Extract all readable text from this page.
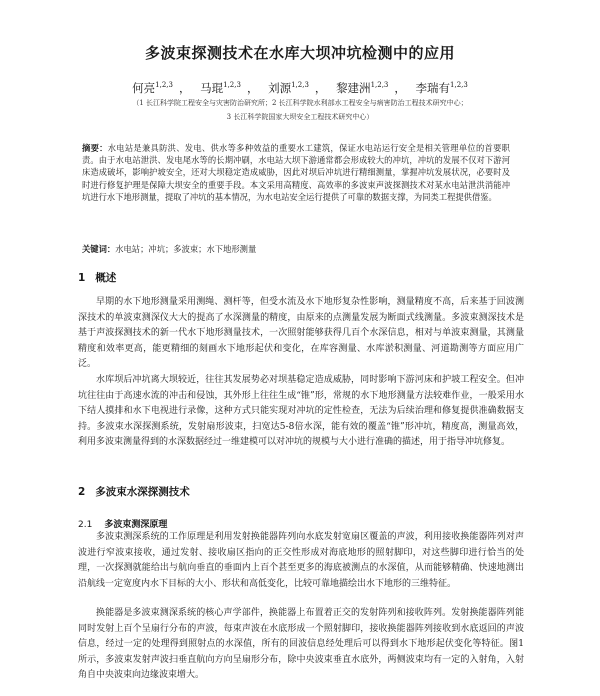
多波束探测技术在水库大坝冲坑检测中的应用
何亮$^{1,2,3}$ ， 马琨$^{1,2,3}$ ， 刘源$^{1,2,3}$ ， 黎建洲$^{1,2,3}$ ， 李瑞有$^{1,2,3}$
（1 长江科学院工程安全与灾害防治研究所；2 长江科学院水利部水工程安全与病害防治工程技术研究中心；
3 长江科学院国家大坝安全工程技术研究中心）
摘要：水电站是兼具防洪、发电、供水等多种效益的重要水工建筑，保证水电站运行安全是相关管理单位的首要职责。由于水电站泄洪、发电尾水等的长期冲刷，水电站大坝下游通常都会形成较大的冲坑，冲坑的发展不仅对下游河床造成破坏，影响护坡安全，还对大坝稳定造成威胁，因此对坝后冲坑进行精细测量，掌握冲坑发展状况，必要时及时进行修复护理是保障大坝安全的重要手段。本文采用高精度、高效率的多波束声波探测技术对某水电站泄洪消能冲坑进行水下地形测量，提取了冲坑的基本情况，为水电站安全运行提供了可靠的数据支撑，为同类工程提供借鉴。
关键词：水电站；冲坑；多波束；水下地形测量
1 概述
早期的水下地形测量采用测绳、测杆等，但受水流及水下地形复杂性影响，测量精度不高，后来基于回波测深技术的单波束测深仪大大的提高了水深测量的精度，由原来的点测量发展为断面式线测量。多波束测深技术是基于声波探测技术的新一代水下地形测量技术，一次照射能够获得几百个水深信息，相对与单波束测量，其测量精度和效率更高，能更精细的刻画水下地形起伏和变化，在库容测量、水库淤积测量、河道勘测等方面应用广泛。
水库坝后冲坑离大坝较近，往往其发展势必对坝基稳定造成威胁，同时影响下游河床和护坡工程安全。但冲坑往往由于高速水流的冲击和侵蚀，其外形上往往生成“锥”形，常规的水下地形测量方法较难作业，一般采用水下结人摸排和水下电视进行录像，这种方式只能实现对冲坑的定性检查，无法为后续治理和修复提供准确数据支持。多波束水深探测系统，发射扇形波束，扫宽达5-8倍水深，能有效的覆盖“锥”形冲坑，精度高，测量高效，利用多波束测量得到的水深数据经过一维建模可以对冲坑的规模与大小进行准确的描述，用于指导冲坑修复。
2 多波束水深探测技术
2.1 多波束测深原理
多波束测深系统的工作原理是利用发射换能器阵列向水底发射宽扇区覆盖的声波，利用接收换能器阵列对声波进行窄波束接收，通过发射、接收扇区指向的正交性形成对海底地形的照射脚印，对这些脚印进行恰当的处理，一次探测就能给出与航向垂直的垂面内上百个甚至更多的海底被测点的水深值，从而能够精确、快速地测出沿航线一定宽度内水下目标的大小、形状和高低变化，比较可靠地描绘出水下地形的三维特征。
换能器是多波束测深系统的核心声学部件，换能器上布置着正交的发射阵列和接收阵列。发射换能器阵列能同时发射上百个呈扇行分布的声波，每束声波在水底形成一个照射脚印，接收换能器阵列接收到水底返回的声波信息，经过一定的处理得到照射点的水深值，所有的回波信息经处理后可以得到水下地形起伏变化等特征。图1所示，多波束发射声波扫垂直航向方向呈扇形分布，除中央波束垂直水底外，两侧波束均有一定的入射角，入射角自中央波束向边缘波束增大。
